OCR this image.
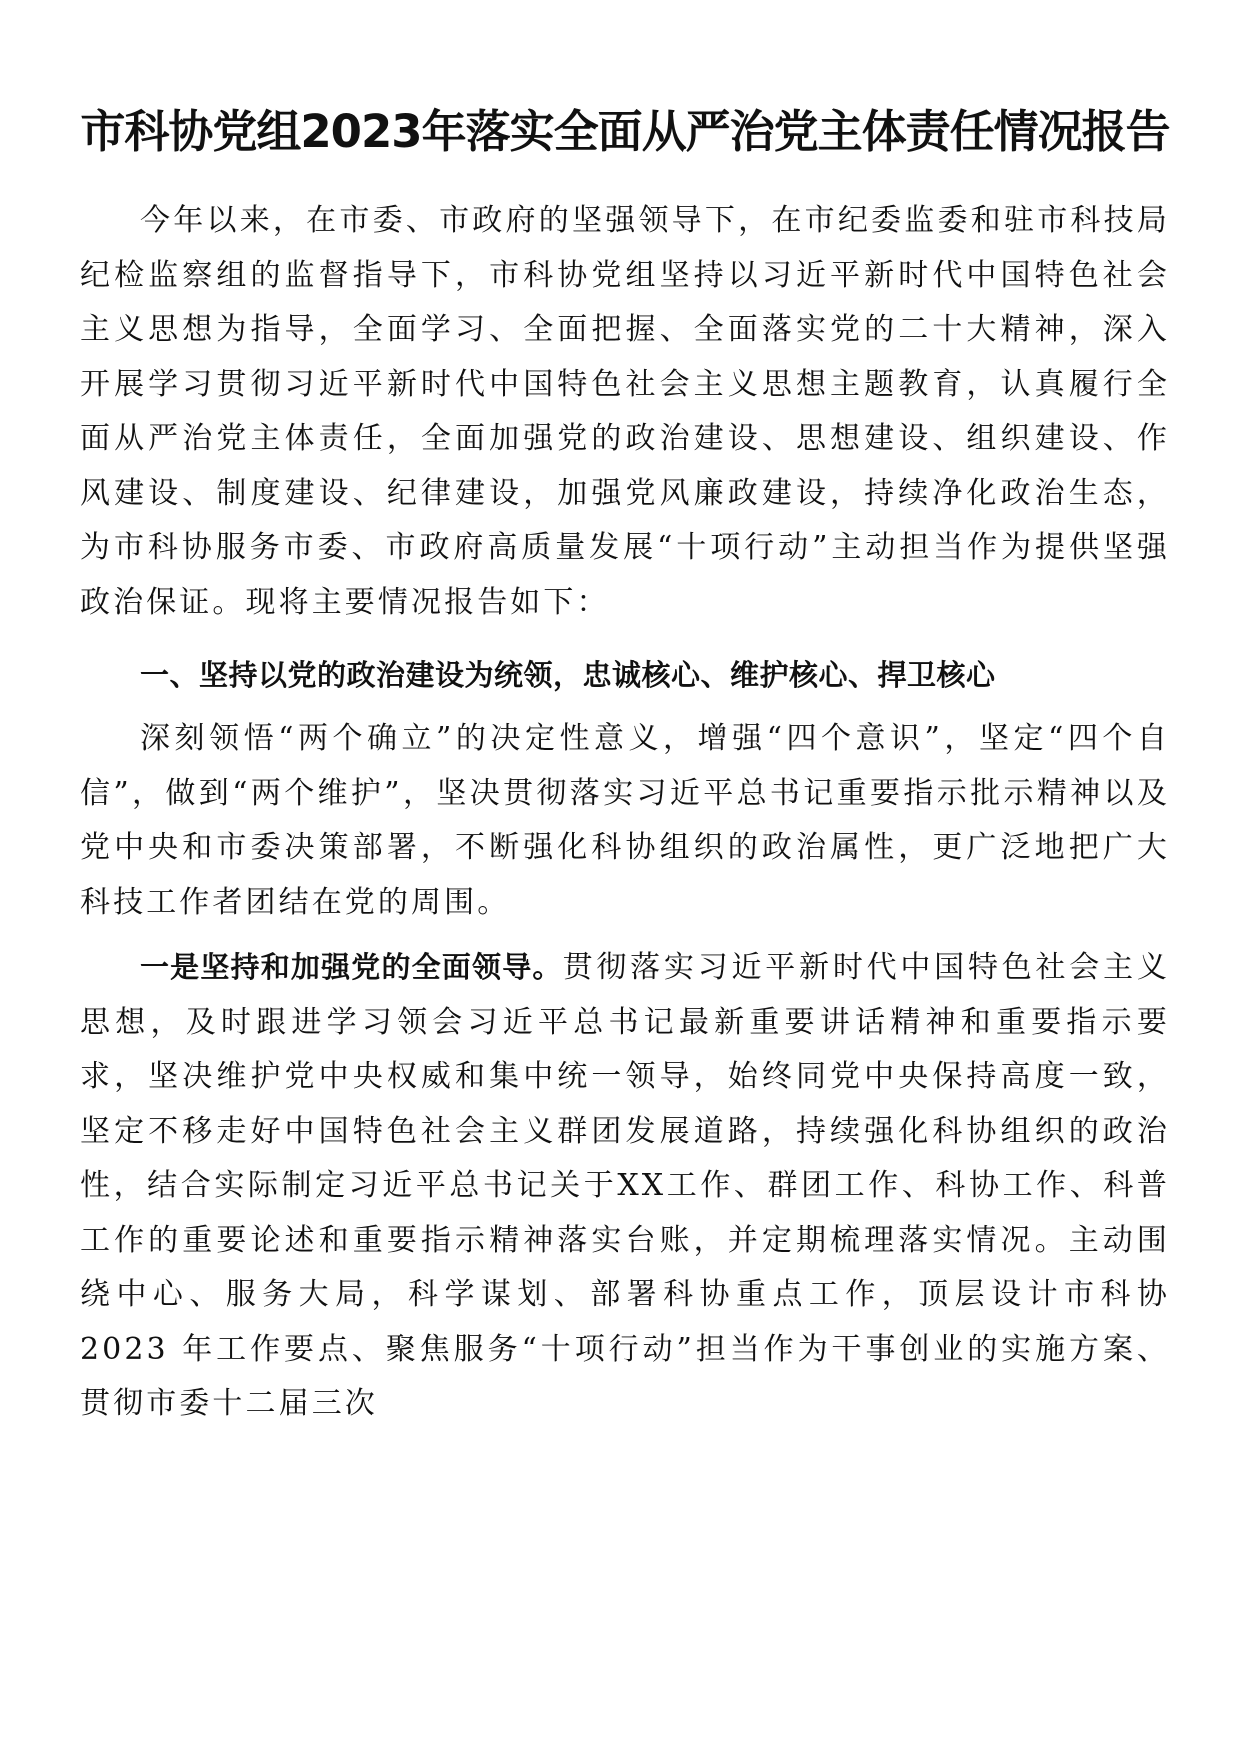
市科协党组2023年落实全面从严治党主体责任情况报告

今年以来，在市委、市政府的坚强领导下，在市纪委监委和驻市科技局纪检监察组的监督指导下，市科协党组坚持以习近平新时代中国特色社会主义思想为指导，全面学习、全面把握、全面落实党的二十大精神，深入开展学习贯彻习近平新时代中国特色社会主义思想主题教育，认真履行全面从严治党主体责任，全面加强党的政治建设、思想建设、组织建设、作风建设、制度建设、纪律建设，加强党风廉政建设，持续净化政治生态，为市科协服务市委、市政府高质量发展“十项行动”主动担当作为提供坚强政治保证。现将主要情况报告如下：

一、坚持以党的政治建设为统领，忠诚核心、维护核心、捍卫核心

深刻领悟“两个确立”的决定性意义，增强“四个意识”，坚定“四个自信”，做到“两个维护”，坚决贯彻落实习近平总书记重要指示批示精神以及党中央和市委决策部署，不断强化科协组织的政治属性，更广泛地把广大科技工作者团结在党的周围。

一是坚持和加强党的全面领导。贯彻落实习近平新时代中国特色社会主义思想，及时跟进学习领会习近平总书记最新重要讲话精神和重要指示要求，坚决维护党中央权威和集中统一领导，始终同党中央保持高度一致，坚定不移走好中国特色社会主义群团发展道路，持续强化科协组织的政治性，结合实际制定习近平总书记关于XX工作、群团工作、科协工作、科普工作的重要论述和重要指示精神落实台账，并定期梳理落实情况。主动围绕中心、服务大局，科学谋划、部署科协重点工作，顶层设计市科协 2023 年工作要点、聚焦服务“十项行动”担当作为干事创业的实施方案、贯彻市委十二届三次
